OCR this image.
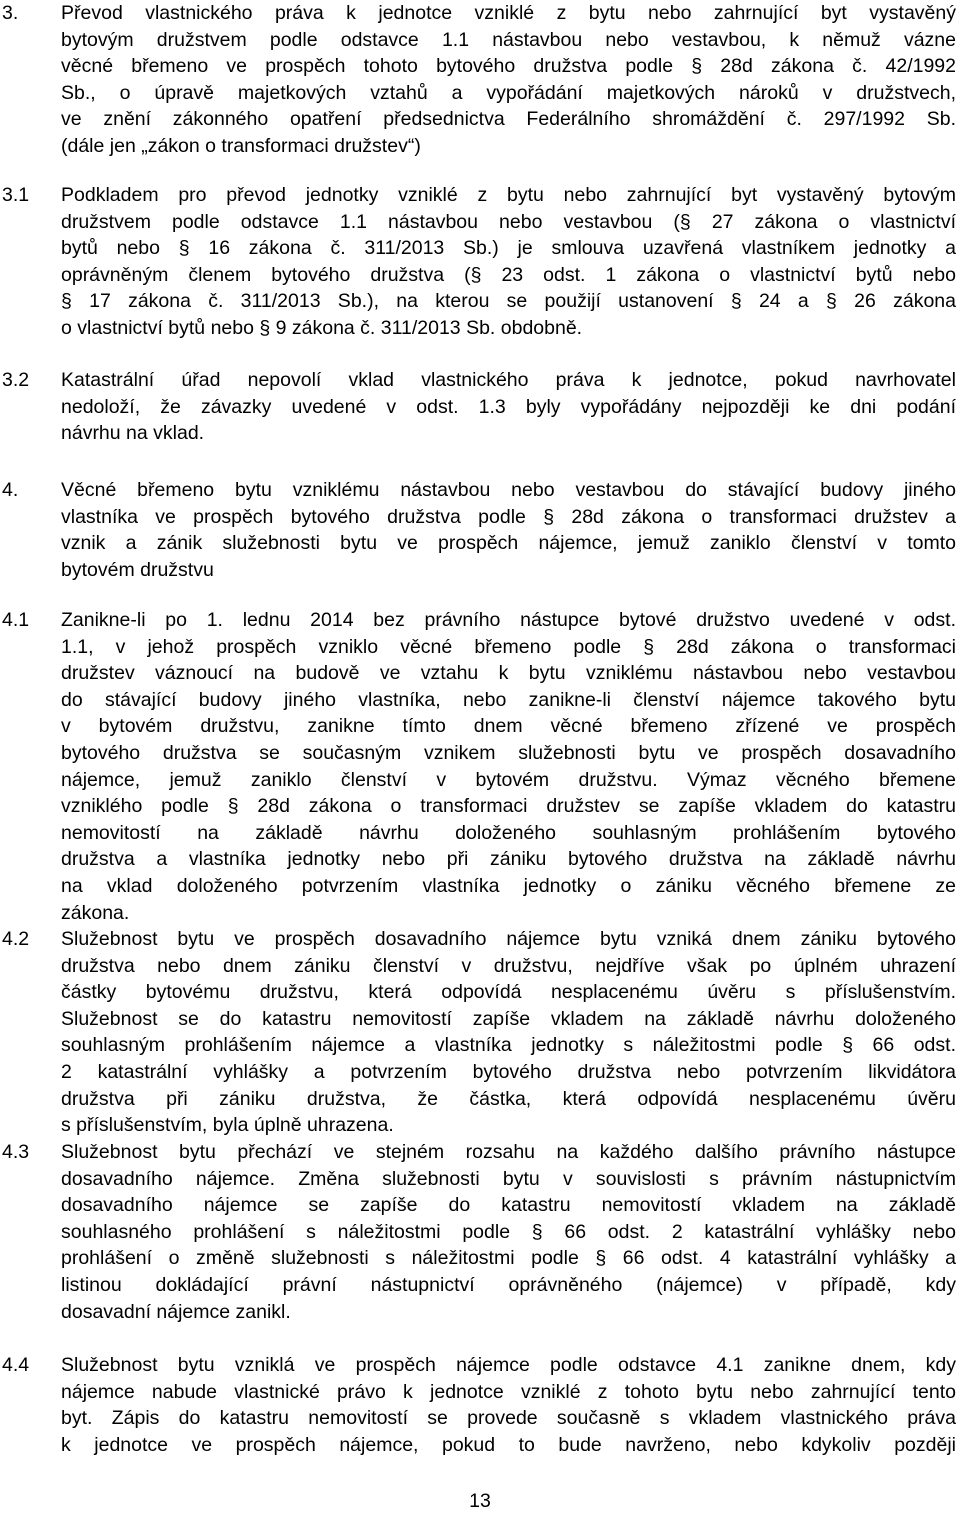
3. Převod vlastnického práva k jednotce vzniklé z bytu nebo zahrnující byt vystavěný
bytovým družstvem podle odstavce 1.1 nástavbou nebo vestavbou, k němuž vázne
věcné břemeno ve prospěch tohoto bytového družstva podle § 28d zákona č. 42/1992
Sb., o úpravě majetkových vztahů a vypořádání majetkových nároků v družstvech,
ve znění zákonného opatření předsednictva Federálního shromáždění č. 297/1992 Sb.
(dále jen „zákon o transformaci družstev“)
3.1 Podkladem pro převod jednotky vzniklé z bytu nebo zahrnující byt vystavěný bytovým
družstvem podle odstavce 1.1 nástavbou nebo vestavbou (§ 27 zákona o vlastnictví
bytů nebo § 16 zákona č. 311/2013 Sb.) je smlouva uzavřená vlastníkem jednotky a
oprávněným členem bytového družstva (§ 23 odst. 1 zákona o vlastnictví bytů nebo
§ 17 zákona č. 311/2013 Sb.), na kterou se použijí ustanovení § 24 a § 26 zákona
o vlastnictví bytů nebo § 9 zákona č. 311/2013 Sb. obdobně.
3.2 Katastrální úřad nepovolí vklad vlastnického práva k jednotce, pokud navrhovatel
nedoloží, že závazky uvedené v odst. 1.3 byly vypořádány nejpozději ke dni podání
návrhu na vklad.
4. Věcné břemeno bytu vzniklému nástavbou nebo vestavbou do stávající budovy jiného
vlastníka ve prospěch bytového družstva podle § 28d zákona o transformaci družstev a
vznik a zánik služebnosti bytu ve prospěch nájemce, jemuž zaniklo členství v tomto
bytovém družstvu
4.1 Zanikne-li po 1. lednu 2014 bez právního nástupce bytové družstvo uvedené v odst.
1.1, v jehož prospěch vzniklo věcné břemeno podle § 28d zákona o transformaci
družstev váznoucí na budově ve vztahu k bytu vzniklému nástavbou nebo vestavbou
do stávající budovy jiného vlastníka, nebo zanikne-li členství nájemce takového bytu
v bytovém družstvu, zanikne tímto dnem věcné břemeno zřízené ve prospěch
bytového družstva se současným vznikem služebnosti bytu ve prospěch dosavadního
nájemce, jemuž zaniklo členství v bytovém družstvu. Výmaz věcného břemene
vzniklého podle § 28d zákona o transformaci družstev se zapíše vkladem do katastru
nemovitostí na základě návrhu doloženého souhlasným prohlášením bytového
družstva a vlastníka jednotky nebo při zániku bytového družstva na základě návrhu
na vklad doloženého potvrzením vlastníka jednotky o zániku věcného břemene ze
zákona.
4.2 Služebnost bytu ve prospěch dosavadního nájemce bytu vzniká dnem zániku bytového
družstva nebo dnem zániku členství v družstvu, nejdříve však po úplném uhrazení
částky bytovému družstvu, která odpovídá nesplacenému úvěru s příslušenstvím.
Služebnost se do katastru nemovitostí zapíše vkladem na základě návrhu doloženého
souhlasným prohlášením nájemce a vlastníka jednotky s náležitostmi podle § 66 odst.
2 katastrální vyhlášky a potvrzením bytového družstva nebo potvrzením likvidátora
družstva při zániku družstva, že částka, která odpovídá nesplacenému úvěru
s příslušenstvím, byla úplně uhrazena.
4.3 Služebnost bytu přechází ve stejném rozsahu na každého dalšího právního nástupce
dosavadního nájemce. Změna služebnosti bytu v souvislosti s právním nástupnictvím
dosavadního nájemce se zapíše do katastru nemovitostí vkladem na základě
souhlasného prohlášení s náležitostmi podle § 66 odst. 2 katastrální vyhlášky nebo
prohlášení o změně služebnosti s náležitostmi podle § 66 odst. 4 katastrální vyhlášky a
listinou dokládající právní nástupnictví oprávněného (nájemce) v případě, kdy
dosavadní nájemce zanikl.
4.4 Služebnost bytu vzniklá ve prospěch nájemce podle odstavce 4.1 zanikne dnem, kdy
nájemce nabude vlastnické právo k jednotce vzniklé z tohoto bytu nebo zahrnující tento
byt. Zápis do katastru nemovitostí se provede současně s vkladem vlastnického práva
k jednotce ve prospěch nájemce, pokud to bude navrženo, nebo kdykoliv později
13
